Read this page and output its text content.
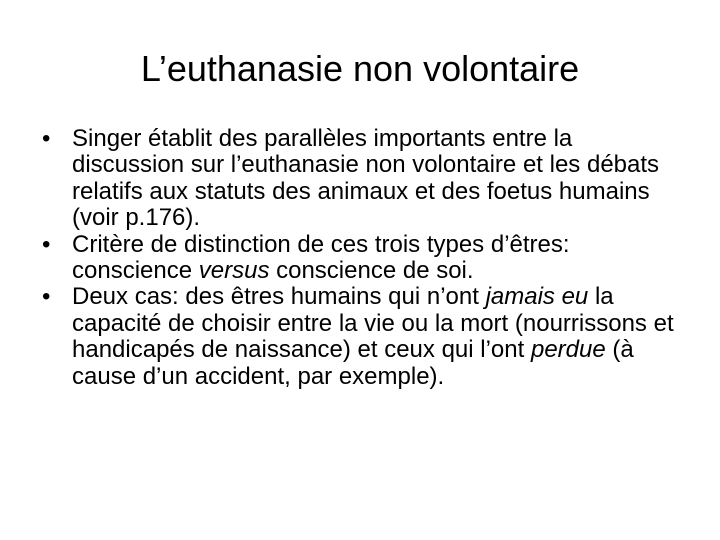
L’euthanasie non volontaire
• Singer établit des parallèles importants entre la discussion sur l’euthanasie non volontaire et les débats relatifs aux statuts des animaux et des foetus humains (voir p.176).
• Critère de distinction de ces trois types d’êtres: conscience versus conscience de soi.
• Deux cas: des êtres humains qui n’ont jamais eu la capacité de choisir entre la vie ou la mort (nourrissons et handicapés de naissance) et ceux qui l’ont perdue (à cause d’un accident, par exemple).
